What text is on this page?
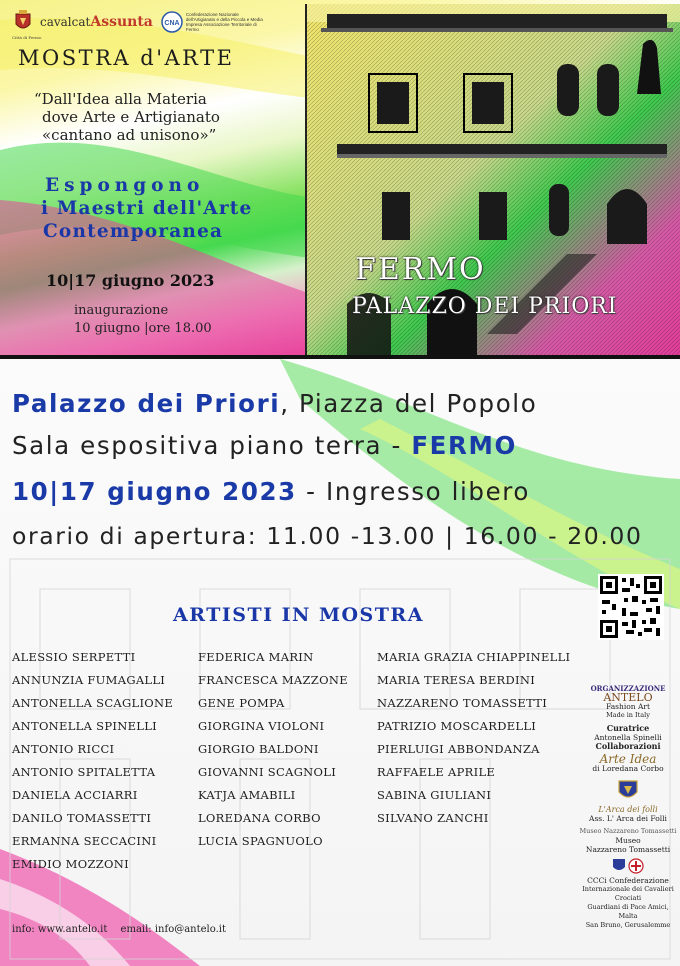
Città di Fermo
cavalcatAssunta CNA
Confederazione Nazionale dell'Artigianato e della Piccola e Media Impresa Associazione Territoriale di Fermo
MOSTRA d'ARTE
“Dall'Idea alla Materia
dove Arte e Artigianato
«cantano ad unisono»”
Espongono
i Maestri dell'Arte
Contemporanea
10|17 giugno 2023
inaugurazione
10 giugno |ore 18.00
FERMO
PALAZZO DEI PRIORI
Palazzo dei Priori, Piazza del Popolo
Sala espositiva piano terra - FERMO
10|17 giugno 2023 - Ingresso libero
orario di apertura: 11.00 -13.00 | 16.00 - 20.00
ARTISTI IN MOSTRA
ALESSIO SERPETTI
ANNUNZIA FUMAGALLI
ANTONELLA SCAGLIONE
ANTONELLA SPINELLI
ANTONIO RICCI
ANTONIO SPITALETTA
DANIELA ACCIARRI
DANILO TOMASSETTI
ERMANNA SECCACINI
EMIDIO MOZZONI
FEDERICA MARIN
FRANCESCA MAZZONE
GENE POMPA
GIORGINA VIOLONI
GIORGIO BALDONI
GIOVANNI SCAGNOLI
KATJA AMABILI
LOREDANA CORBO
LUCIA SPAGNUOLO
MARIA GRAZIA CHIAPPINELLI
MARIA TERESA BERDINI
NAZZARENO TOMASSETTI
PATRIZIO MOSCARDELLI
PIERLUIGI ABBONDANZA
RAFFAELE APRILE
SABINA GIULIANI
SILVANO ZANCHI
ORGANIZZAZIONE
ANTELO
Fashion Art
Made in Italy
Curatrice
Antonella Spinelli
Collaborazioni
Arte Idea
di Loredana Corbo
L'Arca dei folli
Ass. L' Arca dei Folli
Museo Nazzareno Tomassetti
Museo
Nazzareno Tomassetti
CCCi Confederazione
Internazionale dei Cavalieri Crociati
Guardiani di Pace Amici, Malta
San Bruno, Gerusalemme
info: www.antelo.it email: info@antelo.it
